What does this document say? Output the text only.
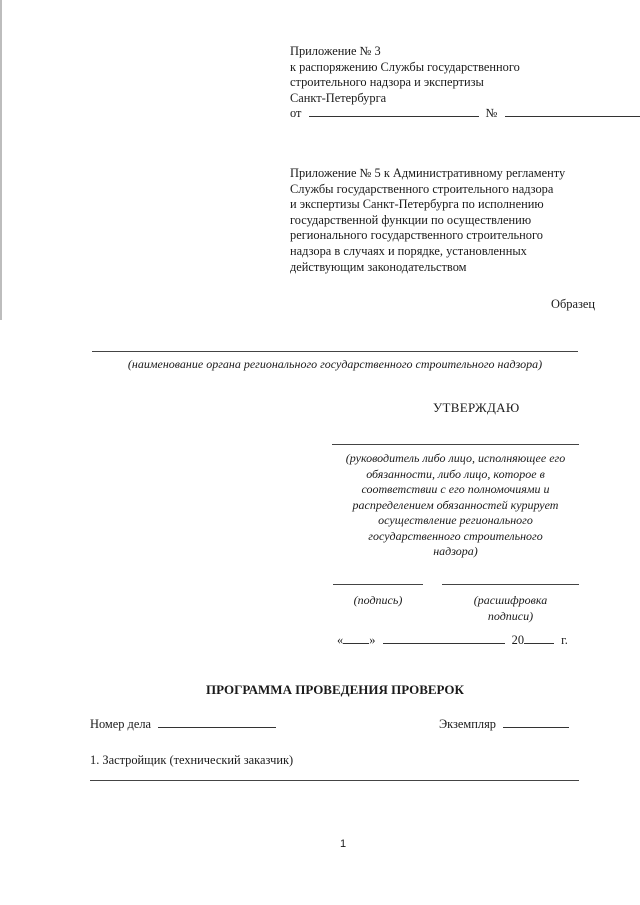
Приложение № 3
к распоряжению Службы государственного
строительного надзора и экспертизы
Санкт-Петербурга
от	№
Приложение № 5 к Административному регламенту
Службы государственного строительного надзора
и экспертизы Санкт-Петербурга по исполнению
государственной функции по осуществлению
регионального государственного строительного
надзора в случаях и порядке, установленных
действующим законодательством
Образец
(наименование органа регионального государственного строительного надзора)
УТВЕРЖДАЮ
(руководитель либо лицо, исполняющее его
обязанности, либо лицо, которое в
соответствии с его полномочиями и
распределением обязанностей курирует
осуществление регионального
государственного строительного
надзора)
(подпись)	(расшифровка
подписи)
« »	20	г.
ПРОГРАММА ПРОВЕДЕНИЯ ПРОВЕРОК
Номер дела	Экземпляр
1. Застройщик (технический заказчик)
1
